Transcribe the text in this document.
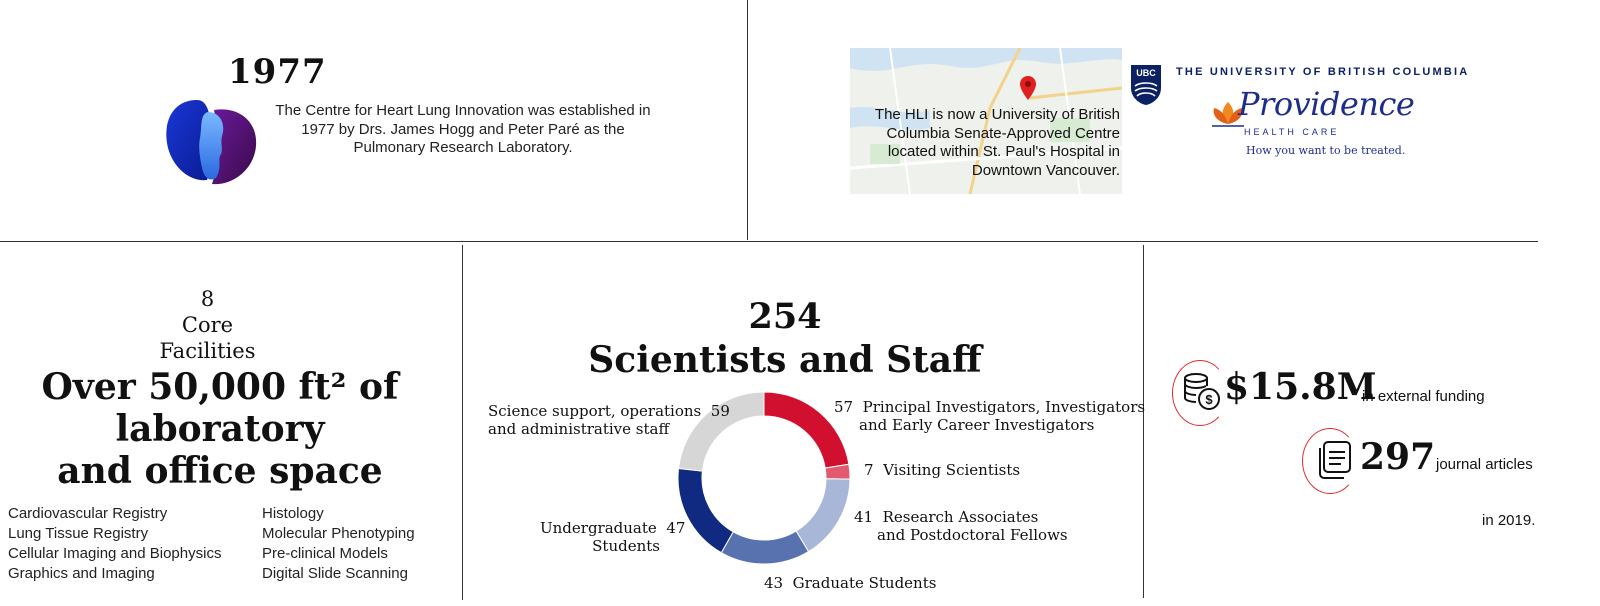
1977
The Centre for Heart Lung Innovation was established in 1977 by Drs. James Hogg and Peter Paré as the Pulmonary Research Laboratory.
The HLI is now a University of British Columbia Senate-Approved Centre located within St. Paul's Hospital in Downtown Vancouver.
UBC THE UNIVERSITY OF BRITISH COLUMBIA
Providence
HEALTH CARE
How you want to be treated.
8
Core
Facilities
Over 50,000 ft² of
laboratory
and office space
Cardiovascular Registry
Lung Tissue Registry
Cellular Imaging and Biophysics
Graphics and Imaging
Histology
Molecular Phenotyping
Pre-clinical Models
Digital Slide Scanning
254
Scientists and Staff
Science support, operations 59
and administrative staff
57 Principal Investigators, Investigators
and Early Career Investigators
7 Visiting Scientists
41 Research Associates
and Postdoctoral Fellows
43 Graduate Students
Undergraduate 47
Students
$ $15.8M
in external funding
297 journal articles
in 2019.
